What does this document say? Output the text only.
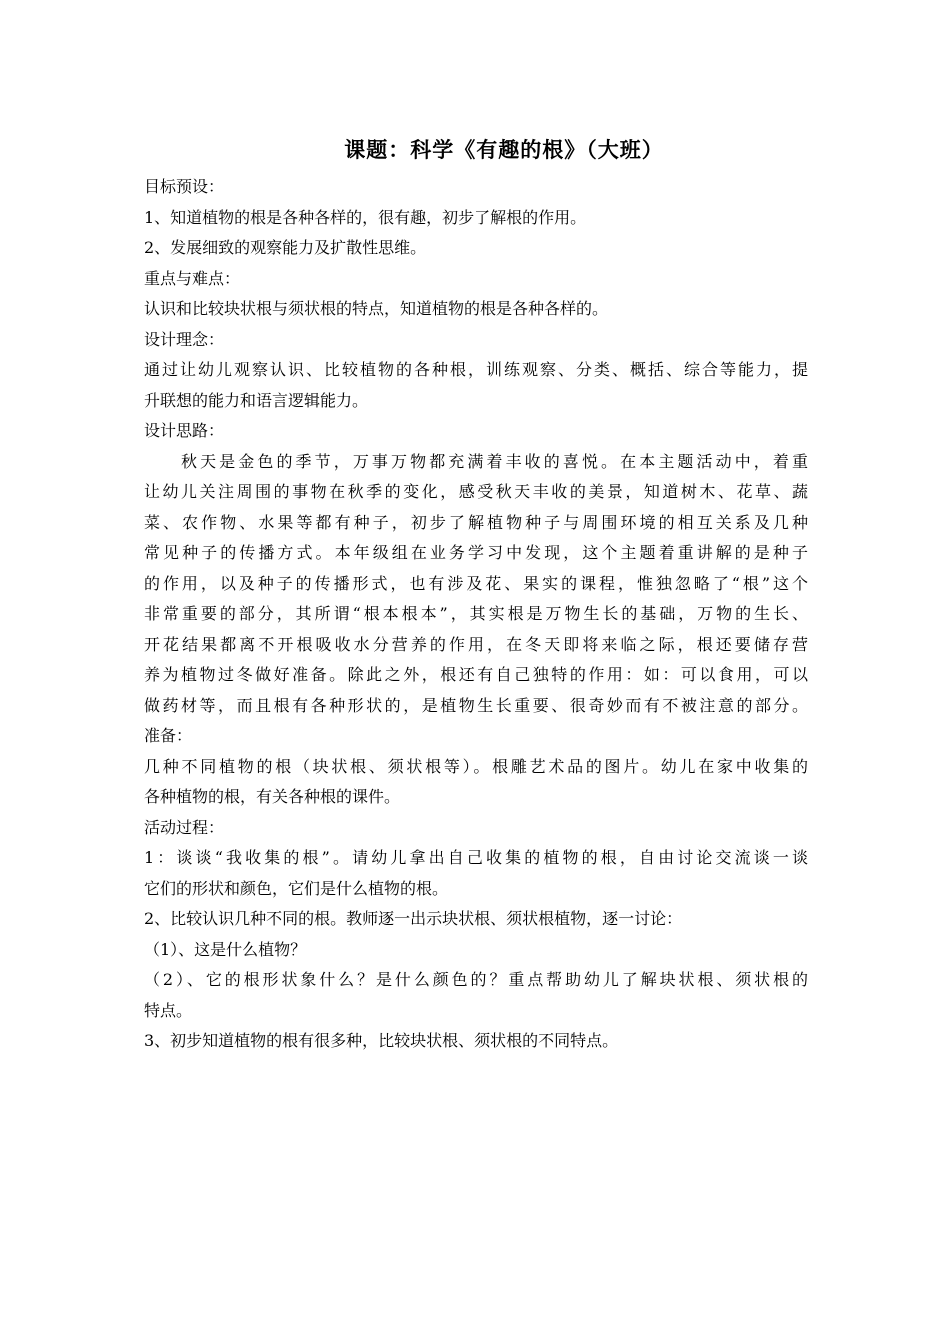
课题：科学《有趣的根》（大班）
目标预设：
1、知道植物的根是各种各样的，很有趣，初步了解根的作用。
2、发展细致的观察能力及扩散性思维。
重点与难点：
认识和比较块状根与须状根的特点，知道植物的根是各种各样的。
设计理念：
通过让幼儿观察认识、比较植物的各种根，训练观察、分类、概括、综合等能力，提
升联想的能力和语言逻辑能力。
设计思路：
秋天是金色的季节，万事万物都充满着丰收的喜悦。在本主题活动中，着重
让幼儿关注周围的事物在秋季的变化，感受秋天丰收的美景，知道树木、花草、蔬
菜、农作物、水果等都有种子，初步了解植物种子与周围环境的相互关系及几种
常见种子的传播方式。本年级组在业务学习中发现，这个主题着重讲解的是种子
的作用，以及种子的传播形式，也有涉及花、果实的课程，惟独忽略了“根”这个
非常重要的部分，其所谓“根本根本”，其实根是万物生长的基础，万物的生长、
开花结果都离不开根吸收水分营养的作用，在冬天即将来临之际，根还要储存营
养为植物过冬做好准备。除此之外，根还有自己独特的作用：如：可以食用，可以
做药材等，而且根有各种形状的，是植物生长重要、很奇妙而有不被注意的部分。
准备：
几种不同植物的根（块状根、须状根等）。根雕艺术品的图片。幼儿在家中收集的
各种植物的根，有关各种根的课件。
活动过程：
1：谈谈“我收集的根”。请幼儿拿出自己收集的植物的根，自由讨论交流谈一谈
它们的形状和颜色，它们是什么植物的根。
2、比较认识几种不同的根。教师逐一出示块状根、须状根植物，逐一讨论：
（1）、这是什么植物？
（2）、它的根形状象什么？是什么颜色的？重点帮助幼儿了解块状根、须状根的
特点。
3、初步知道植物的根有很多种，比较块状根、须状根的不同特点。
